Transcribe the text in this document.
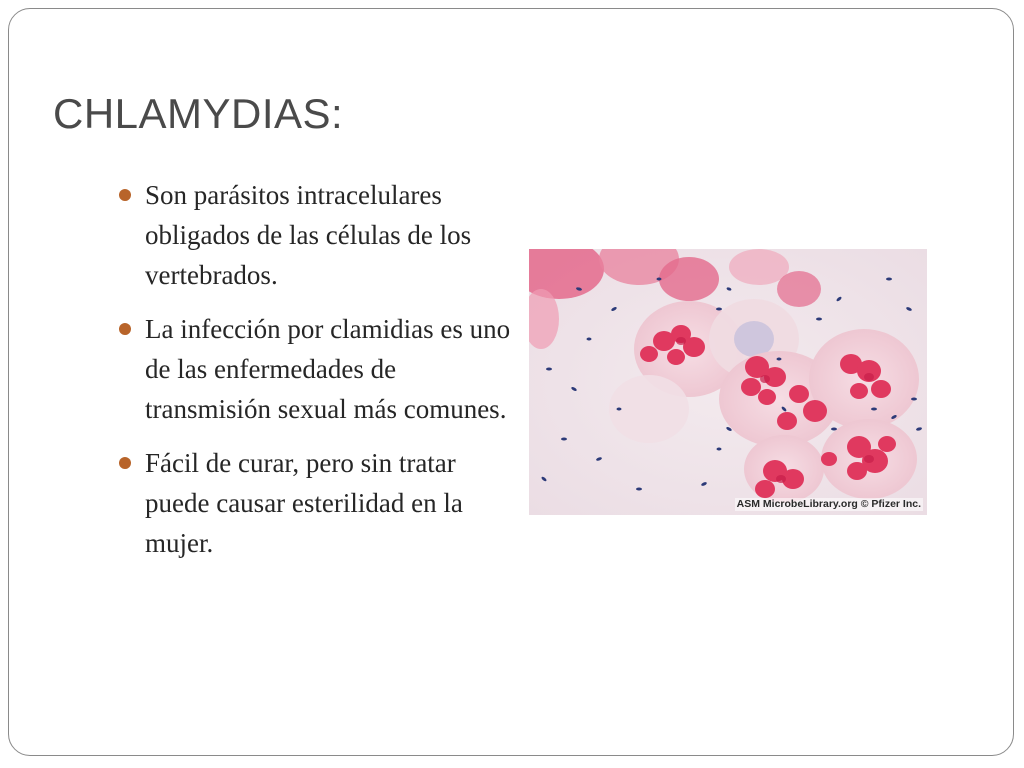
CHLAMYDIAS:
Son parásitos intracelulares obligados de las células de los vertebrados.
La infección por clamidias es uno de las enfermedades de transmisión sexual más comunes.
Fácil de curar, pero sin tratar puede causar esterilidad en la mujer.
ASM MicrobeLibrary.org © Pfizer Inc.
